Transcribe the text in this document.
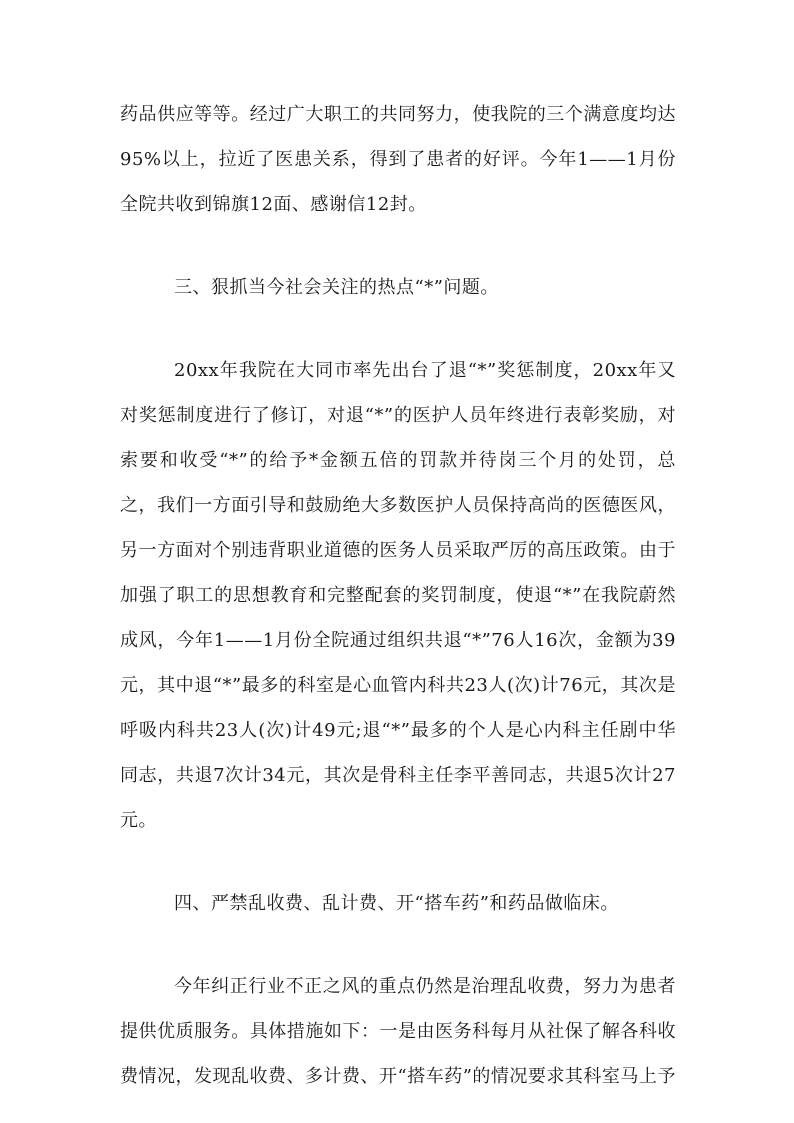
药品供应等等。经过广大职工的共同努力，使我院的三个满意度均达95%以上，拉近了医患关系，得到了患者的好评。今年1——1月份全院共收到锦旗12面、感谢信12封。

三、狠抓当今社会关注的热点“*”问题。

20xx年我院在大同市率先出台了退“*”奖惩制度，20xx年又对奖惩制度进行了修订，对退“*”的医护人员年终进行表彰奖励，对索要和收受“*”的给予*金额五倍的罚款并待岗三个月的处罚，总之，我们一方面引导和鼓励绝大多数医护人员保持高尚的医德医风，另一方面对个别违背职业道德的医务人员采取严厉的高压政策。由于加强了职工的思想教育和完整配套的奖罚制度，使退“*”在我院蔚然成风，今年1——1月份全院通过组织共退“*”76人16次，金额为39元，其中退“*”最多的科室是心血管内科共23人(次)计76元，其次是呼吸内科共23人(次)计49元;退“*”最多的个人是心内科主任剧中华同志，共退7次计34元，其次是骨科主任李平善同志，共退5次计27元。

四、严禁乱收费、乱计费、开“搭车药”和药品做临床。

今年纠正行业不正之风的重点仍然是治理乱收费，努力为患者提供优质服务。具体措施如下：一是由医务科每月从社保了解各科收费情况，发现乱收费、多计费、开“搭车药”的情况要求其科室马上予
